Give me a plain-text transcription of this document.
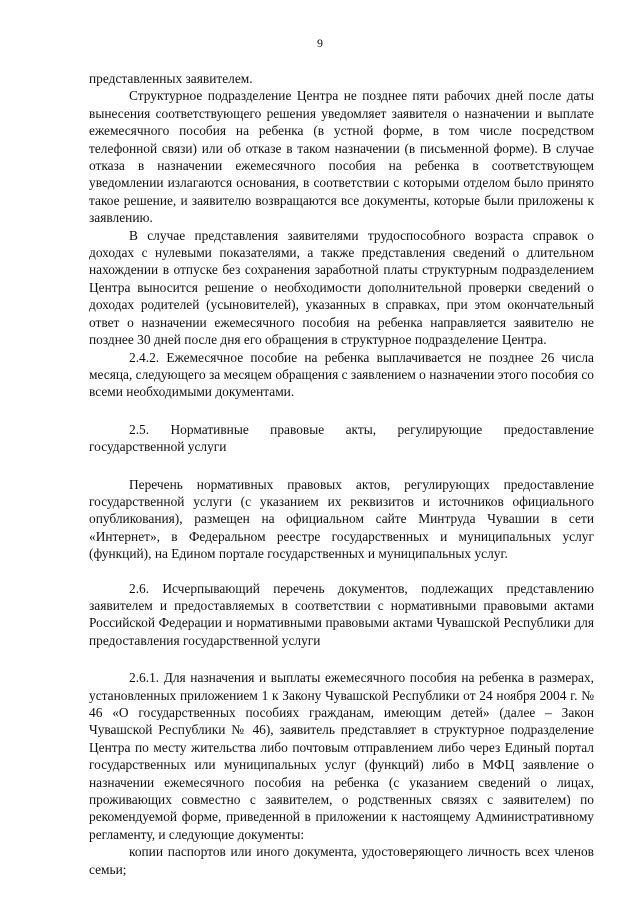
9

представленных заявителем.

Структурное подразделение Центра не позднее пяти рабочих дней после даты вынесения соответствующего решения уведомляет заявителя о назначении и выплате ежемесячного пособия на ребенка (в устной форме, в том числе посредством телефонной связи) или об отказе в таком назначении (в письменной форме). В случае отказа в назначении ежемесячного пособия на ребенка в соответствующем уведомлении излагаются основания, в соответствии с которыми отделом было принято такое решение, и заявителю возвращаются все документы, которые были приложены к заявлению.

В случае представления заявителями трудоспособного возраста справок о доходах с нулевыми показателями, а также представления сведений о длительном нахождении в отпуске без сохранения заработной платы структурным подразделением Центра выносится решение о необходимости дополнительной проверки сведений о доходах родителей (усыновителей), указанных в справках, при этом окончательный ответ о назначении ежемесячного пособия на ребенка направляется заявителю не позднее 30 дней после дня его обращения в структурное подразделение Центра.

2.4.2. Ежемесячное пособие на ребенка выплачивается не позднее 26 числа месяца, следующего за месяцем обращения с заявлением о назначении этого пособия со всеми необходимыми документами.

2.5. Нормативные правовые акты, регулирующие предоставление государственной услуги

Перечень нормативных правовых актов, регулирующих предоставление государственной услуги (с указанием их реквизитов и источников официального опубликования), размещен на официальном сайте Минтруда Чувашии в сети «Интернет», в Федеральном реестре государственных и муниципальных услуг (функций), на Едином портале государственных и муниципальных услуг.

2.6. Исчерпывающий перечень документов, подлежащих представлению заявителем и предоставляемых в соответствии с нормативными правовыми актами Российской Федерации и нормативными правовыми актами Чувашской Республики для предоставления государственной услуги

2.6.1. Для назначения и выплаты ежемесячного пособия на ребенка в размерах, установленных приложением 1 к Закону Чувашской Республики от 24 ноября 2004 г. № 46 «О государственных пособиях гражданам, имеющим детей» (далее – Закон Чувашской Республики № 46), заявитель представляет в структурное подразделение Центра по месту жительства либо почтовым отправлением либо через Единый портал государственных или муниципальных услуг (функций) либо в МФЦ заявление о назначении ежемесячного пособия на ребенка (с указанием сведений о лицах, проживающих совместно с заявителем, о родственных связях с заявителем) по рекомендуемой форме, приведенной в приложении к настоящему Административному регламенту, и следующие документы:

копии паспортов или иного документа, удостоверяющего личность всех членов семьи;
